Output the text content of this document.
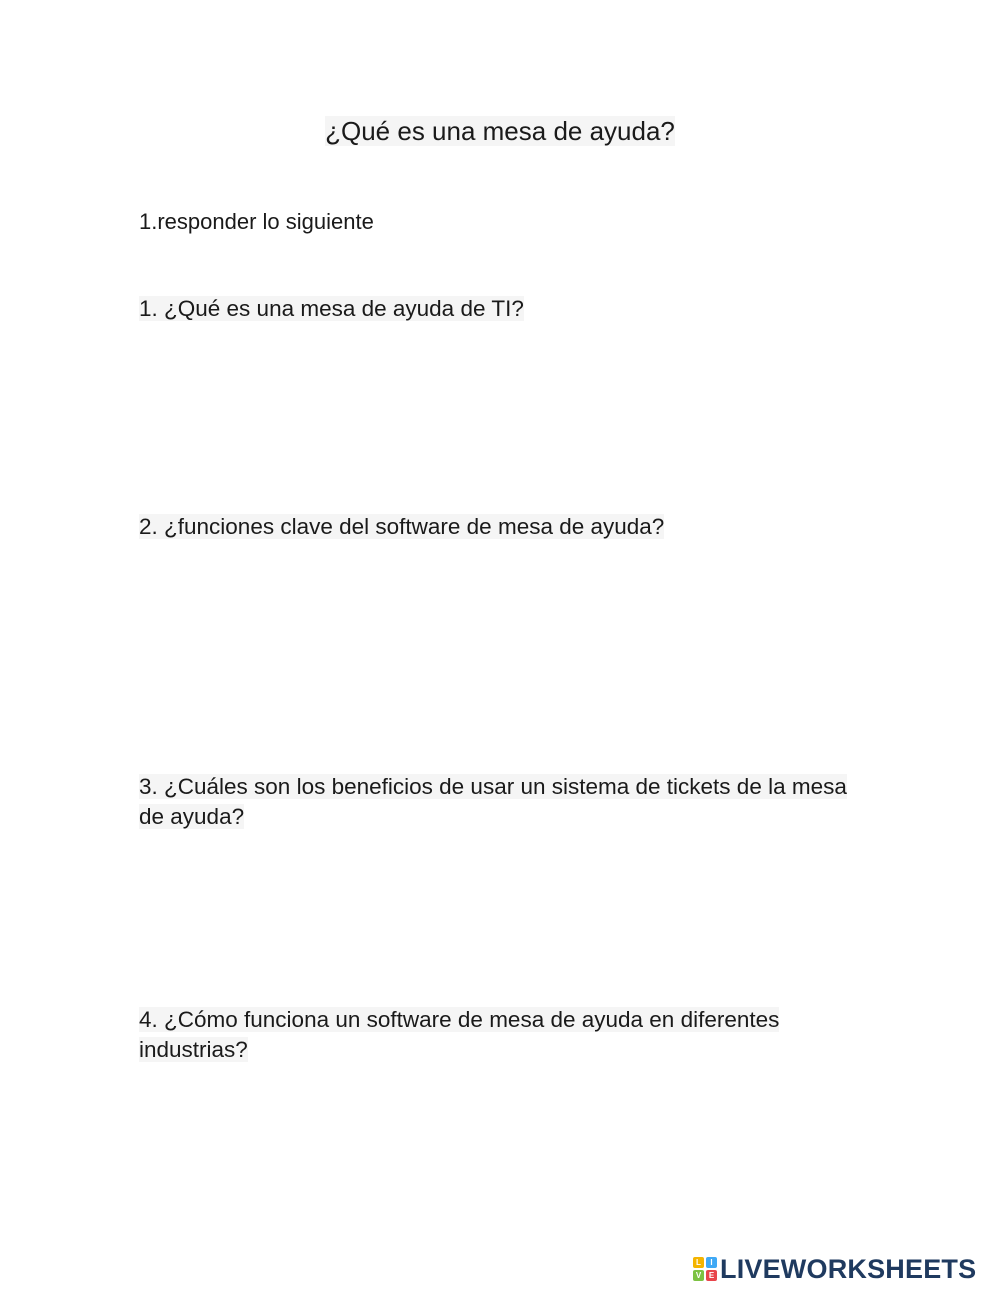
¿Qué es una mesa de ayuda?
1.responder lo siguiente
1. ¿Qué es una mesa de ayuda de TI?
2. ¿funciones clave del software de mesa de ayuda?
3. ¿Cuáles son los beneficios de usar un sistema de tickets de la mesa de ayuda?
4. ¿Cómo funciona un software de mesa de ayuda en diferentes industrias?
L	I
V E LIVEWORKSHEETS
